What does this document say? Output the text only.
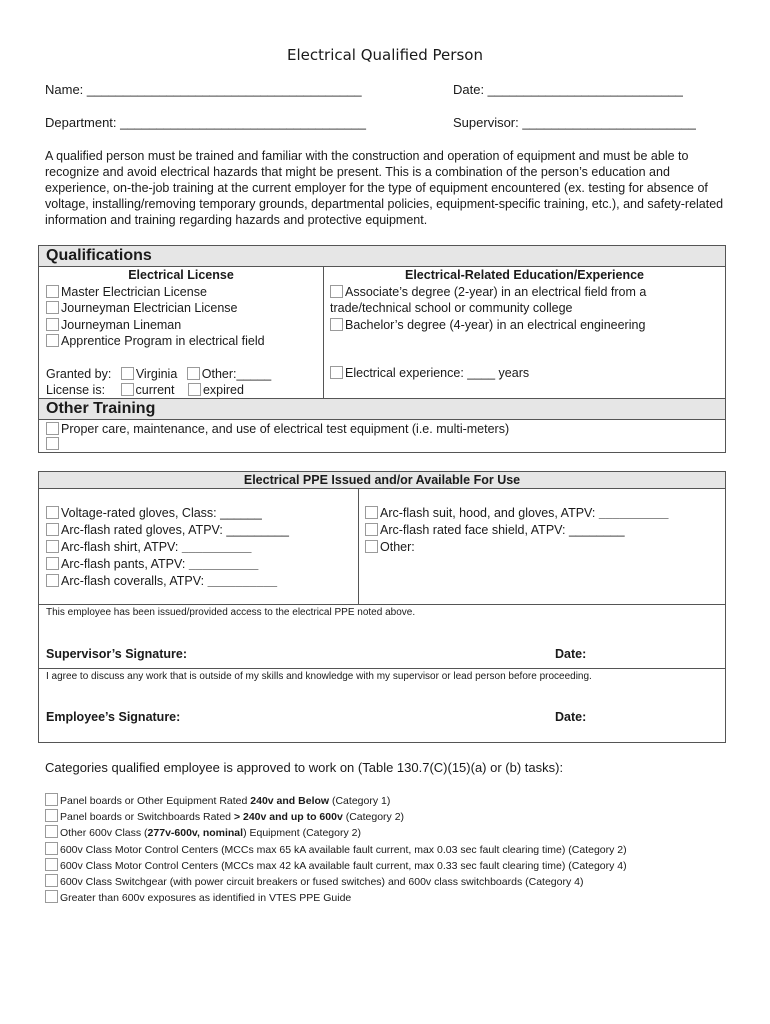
Electrical Qualified Person
Name: ______________________________________	Date: ___________________________
Department: __________________________________	Supervisor: ________________________
A qualified person must be trained and familiar with the construction and operation of equipment and must be able to recognize and avoid electrical hazards that might be present. This is a combination of the person’s education and experience, on-the-job training at the current employer for the type of equipment encountered (ex. testing for absence of voltage, installing/removing temporary grounds, departmental policies, equipment-specific training, etc.), and safety-related information and training regarding hazards and protective equipment.
Qualifications
Electrical License
Master Electrician License
Journeyman Electrician License
Journeyman Lineman
Apprentice Program in electrical field
Granted by: Virginia Other:_____
License is: current expired
Electrical-Related Education/Experience
Associate’s degree (2-year) in an electrical field from a
trade/technical school or community college
Bachelor’s degree (4-year) in an electrical engineering
Electrical experience: ____ years
Other Training
Proper care, maintenance, and use of electrical test equipment (i.e. multi-meters)
Electrical PPE Issued and/or Available For Use
Voltage-rated gloves, Class: ______
Arc-flash rated gloves, ATPV: _________
Arc-flash shirt, ATPV: __________
Arc-flash pants, ATPV: __________
Arc-flash coveralls, ATPV: __________
Arc-flash suit, hood, and gloves, ATPV: __________
Arc-flash rated face shield, ATPV: ________
Other:
This employee has been issued/provided access to the electrical PPE noted above.
Supervisor’s Signature:	Date:
I agree to discuss any work that is outside of my skills and knowledge with my supervisor or lead person before proceeding.
Employee’s Signature:	Date:
Categories qualified employee is approved to work on (Table 130.7(C)(15)(a) or (b) tasks):
Panel boards or Other Equipment Rated 240v and Below (Category 1)
Panel boards or Switchboards Rated > 240v and up to 600v (Category 2)
Other 600v Class (277v-600v, nominal) Equipment (Category 2)
600v Class Motor Control Centers (MCCs max 65 kA available fault current, max 0.03 sec fault clearing time) (Category 2)
600v Class Motor Control Centers (MCCs max 42 kA available fault current, max 0.33 sec fault clearing time) (Category 4)
600v Class Switchgear (with power circuit breakers or fused switches) and 600v class switchboards (Category 4)
Greater than 600v exposures as identified in VTES PPE Guide
